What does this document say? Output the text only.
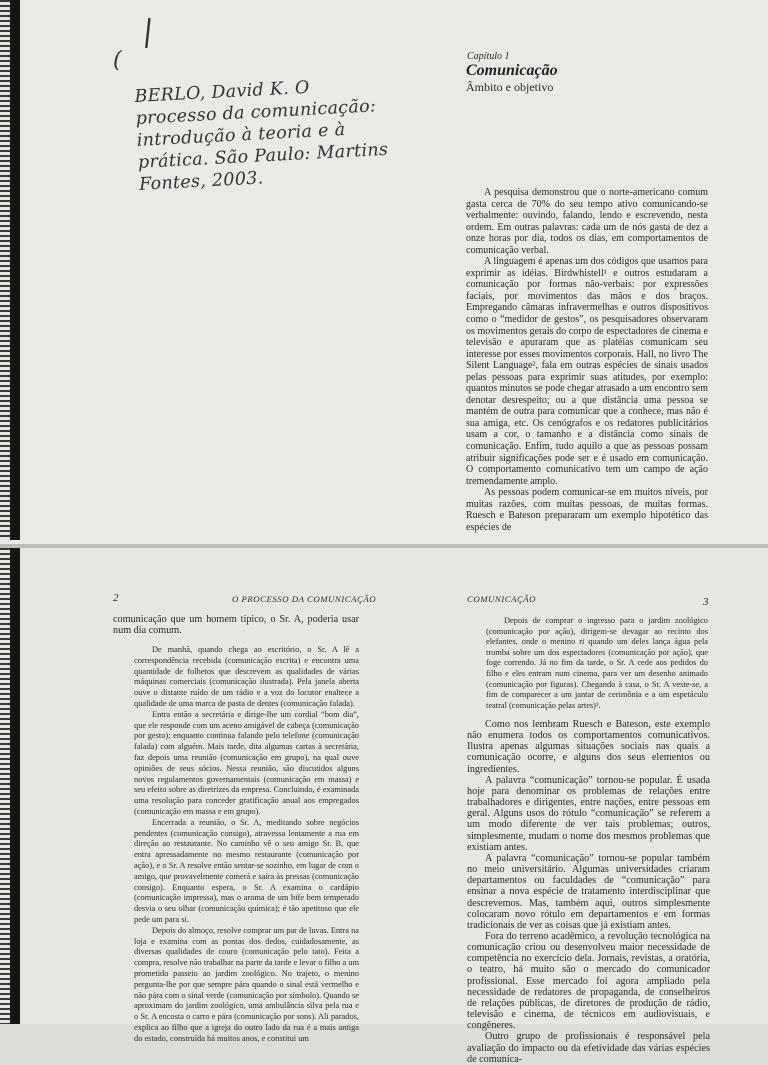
|
(
BERLO, David K. O processo da comunicação: introdução à teoria e à prática. São Paulo: Martins Fontes, 2003.
Capítulo 1
Comunicação
Âmbito e objetivo

A pesquisa demonstrou que o norte-americano comum gasta cerca de 70% do seu tempo ativo comunicando-se verbalmente: ouvindo, falando, lendo e escrevendo, nesta ordem. Em outras palavras: cada um de nós gasta de dez a onze horas por dia, todos os dias, em comportamentos de comunicação verbal.

A linguagem é apenas um dos códigos que usamos para exprimir as idéias. Birdwhistell¹ e outros estudaram a comunicação por formas não-verbais: por expressões faciais, por movimentos das mãos e dos braços. Empregando câmaras infravermelhas e outros dispositivos como o “medidor de gestos”, os pesquisadores observaram os movimentos gerais do corpo de espectadores de cinema e televisão e apuraram que as platéias comunicam seu interesse por esses movimentos corporais. Hall, no livro The Silent Language², fala em outras espécies de sinais usados pelas pessoas para exprimir suas atitudes, por exemplo: quantos minutos se pode chegar atrasado a um encontro sem denotar desrespeito; ou a que distância uma pessoa se mantém de outra para comunicar que a conhece, mas não é sua amiga, etc. Os cenógrafos e os redatores publicitários usam a cor, o tamanho e a distância como sinais de comunicação. Enfim, tudo aquilo a que as pessoas possam atribuir significações pode ser e é usado em comunicação. O comportamento comunicativo tem um campo de ação tremendamente amplo.

As pessoas podem comunicar-se em muitos níveis, por muitas razões, com muitas pessoas, de muitas formas. Ruesch e Bateson prepararam um exemplo hipotético das espécies de

2	O PROCESSO DA COMUNICAÇÃO

comunicação que um homem típico, o Sr. A, poderia usar num dia comum.

De manhã, quando chega ao escritório, o Sr. A lê a correspondência recebida (comunicação escrita) e encontra uma quantidade de folhetos que descrevem as qualidades de várias máquinas comerciais (comunicação ilustrada). Pela janela aberta ouve o distante ruído de um rádio e a voz do locutor enaltece a qualidade de uma marca de pasta de dentes (comunicação falada).

Entra então a secretária e dirige-lhe um cordial “bom dia”, que ele responde com um aceno amigável de cabeça (comunicação por gesto); enquanto continua falando pelo telefone (comunicação falada) com alguém. Mais tarde, dita algumas cartas à secretária, faz depois uma reunião (comunicação em grupo), na qual ouve opiniões de seus sócios. Nessa reunião, são discutidos alguns novos regulamentos governamentais (comunicação em massa) e seu efeito sobre as diretrizes da empresa. Concluindo, é examinada uma resolução para conceder gratificação anual aos empregados (comunicação em massa e em grupo).

Encerrada a reunião, o Sr. A, meditando sobre negócios pendentes (comunicação consigo), atravessa lentamente a rua em direção ao restaurante. No caminho vê o seu amigo Sr. B, que entra apressadamente no mesmo restaurante (comunicação por ação), e o Sr. A resolve então sentar-se sozinho, em lugar de com o amigo, que provavelmente comerá e saíra às pressas (comunicação consigo). Enquanto espera, o Sr. A examina o cardápio (comunicação impressa), mas o aroma de um bife bem temperado desvia o seu olhar (comunicação química); é tão apetitoso que ele pede um para si.

Depois do almoço, resolve comprar um par de luvas. Entra na loja e examina com as pontas dos dedos, cuidadosamente, as diversas qualidades de couro (comunicação pelo tato). Feita a compra, resolve não trabalhar na parte da tarde e levar o filho a um prometido passeio ao jardim zoológico. No trajeto, o menino pergunta-lhe por que sempre pára quando o sinal está vermelho e não pára com o sinal verde (comunicação por símbolo). Quando se aproximam do jardim zoológico, uma ambulância silva pela rua e o Sr. A encosta o carro e pára (comunicação por sons). Ali parados, explica ao filho que a igreja do outro lado da rua é a mais antiga do estado, construída há muitos anos, e constitui um

COMUNICAÇÃO	3

Depois de comprar o ingresso para o jardim zoológico (comunicação por ação), dirigem-se devagar ao recinto dos elefantes, onde o menino ri quando um deles lança água pela tromba sobre um dos espectadores (comunicação por ação), que foge correndo. Já no fim da tarde, o Sr. A cede aos pedidos do filho e eles entram num cinema, para ver um desenho animado (comunicação por figuras). Chegando à casa, o Sr. A veste-se, a fim de comparecer a um jantar de cerimônia e a um espetáculo teatral (comunicação pelas artes)³.

Como nos lembram Ruesch e Bateson, este exemplo não enumera todos os comportamentos comunicativos. Ilustra apenas algumas situações sociais nas quais a comunicação ocorre, e alguns dos seus elementos ou ingredientes.

A palavra “comunicação” tornou-se popular. É usada hoje para denominar os problemas de relações entre trabalhadores e dirigentes, entre nações, entre pessoas em geral. Alguns usos do rótulo “comunicação” se referem a um modo diferente de ver tais problemas; outros, simplesmente, mudam o nome dos mesmos problemas que existiam antes.

A palavra “comunicação” tornou-se popular também no meio universitário. Algumas universidades criaram departamentos ou faculdades de “comunicação” para ensinar a nova espécie de tratamento interdisciplinar que descrevemos. Mas, também aqui, outros simplesmente colocaram novo rótulo em departamentos e em formas tradicionais de ver as coisas que já existiam antes.

Fora do terreno acadêmico, a revolução tecnológica na comunicação criou ou desenvolveu maior necessidade de competência no exercício dela. Jornais, revistas, a oratória, o teatro, há muito são o mercado do comunicador profissional. Esse mercado foi agora ampliado pela necessidade de redatores de propaganda, de conselheiros de relações públicas, de diretores de produção de rádio, televisão e cinema, de técnicos em audiovisuais, e congêneres.

Outro grupo de profissionais é responsável pela avaliação do impacto ou da efetividade das várias espécies de comunica-
